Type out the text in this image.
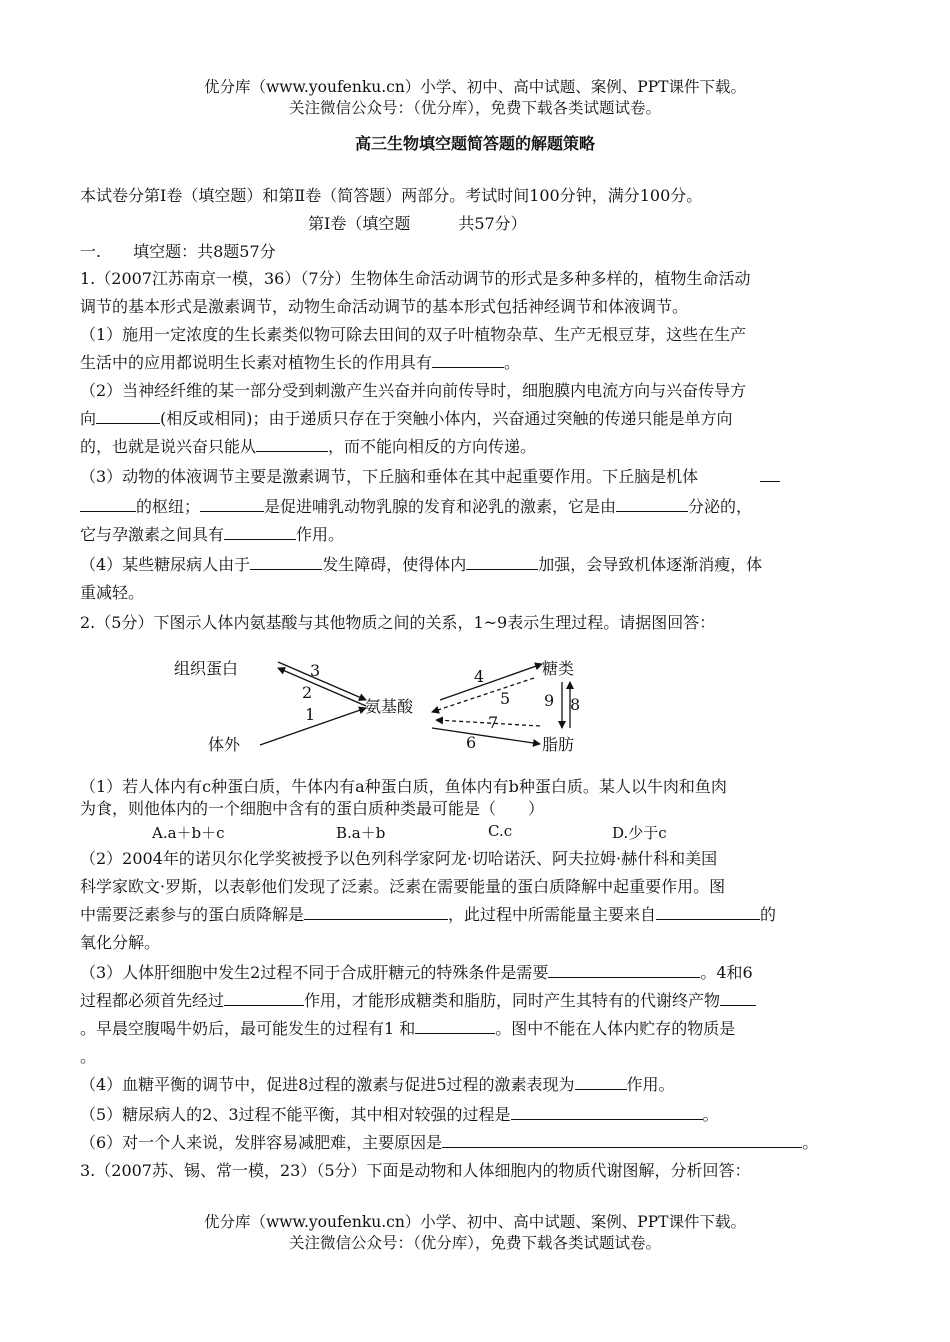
优分库（www.youfenku.cn）小学、初中、高中试题、案例、PPT课件下载。
关注微信公众号：（优分库），免费下载各类试题试卷。
高三生物填空题简答题的解题策略
本试卷分第Ⅰ卷（填空题）和第Ⅱ卷（简答题）两部分。考试时间100分钟，满分100分。
第Ⅰ卷（填空题　　　共57分）
一.　　填空题：共8题57分
1.（2007江苏南京一模，36）（7分）生物体生命活动调节的形式是多种多样的，植物生命活动
调节的基本形式是激素调节，动物生命活动调节的基本形式包括神经调节和体液调节。
（1）施用一定浓度的生长素类似物可除去田间的双子叶植物杂草、生产无根豆芽，这些在生产
生活中的应用都说明生长素对植物生长的作用具有	。
（2）当神经纤维的某一部分受到刺激产生兴奋并向前传导时，细胞膜内电流方向与兴奋传导方
向	(相反或相同)；由于递质只存在于突触小体内，兴奋通过突触的传递只能是单方向
的，也就是说兴奋只能从	，而不能向相反的方向传递。
（3）动物的体液调节主要是激素调节，下丘脑和垂体在其中起重要作用。下丘脑是机体
的枢纽；	是促进哺乳动物乳腺的发育和泌乳的激素，它是由	分泌的，
它与孕激素之间具有	作用。
（4）某些糖尿病人由于	发生障碍，使得体内	加强，会导致机体逐渐消瘦，体
重减轻。
2.（5分）下图示人体内氨基酸与其他物质之间的关系，1~9表示生理过程。请据图回答：
组织蛋白
氨基酸
体外
糖类
脂肪
3
2
1
4
5
7
6
9 8
（1）若人体内有c种蛋白质，牛体内有a种蛋白质，鱼体内有b种蛋白质。某人以牛肉和鱼肉
为食，则他体内的一个细胞中含有的蛋白质种类最可能是（　　）
A.a＋b＋c	B.a＋b	C.c	D.少于c
（2）2004年的诺贝尔化学奖被授予以色列科学家阿龙·切哈诺沃、阿夫拉姆·赫什科和美国
科学家欧文·罗斯，以表彰他们发现了泛素。泛素在需要能量的蛋白质降解中起重要作用。图
中需要泛素参与的蛋白质降解是	，此过程中所需能量主要来自	的
氧化分解。
（3）人体肝细胞中发生2过程不同于合成肝糖元的特殊条件是需要	。4和6
过程都必须首先经过	作用，才能形成糖类和脂肪，同时产生其特有的代谢终产物
。早晨空腹喝牛奶后，最可能发生的过程有1 和	。图中不能在人体内贮存的物质是
。
（4）血糖平衡的调节中，促进8过程的激素与促进5过程的激素表现为	作用。
（5）糖尿病人的2、3过程不能平衡，其中相对较强的过程是	。
（6）对一个人来说，发胖容易减肥难，主要原因是	。
3.（2007苏、锡、常一模，23）（5分）下面是动物和人体细胞内的物质代谢图解，分析回答：
优分库（www.youfenku.cn）小学、初中、高中试题、案例、PPT课件下载。
关注微信公众号：（优分库），免费下载各类试题试卷。
